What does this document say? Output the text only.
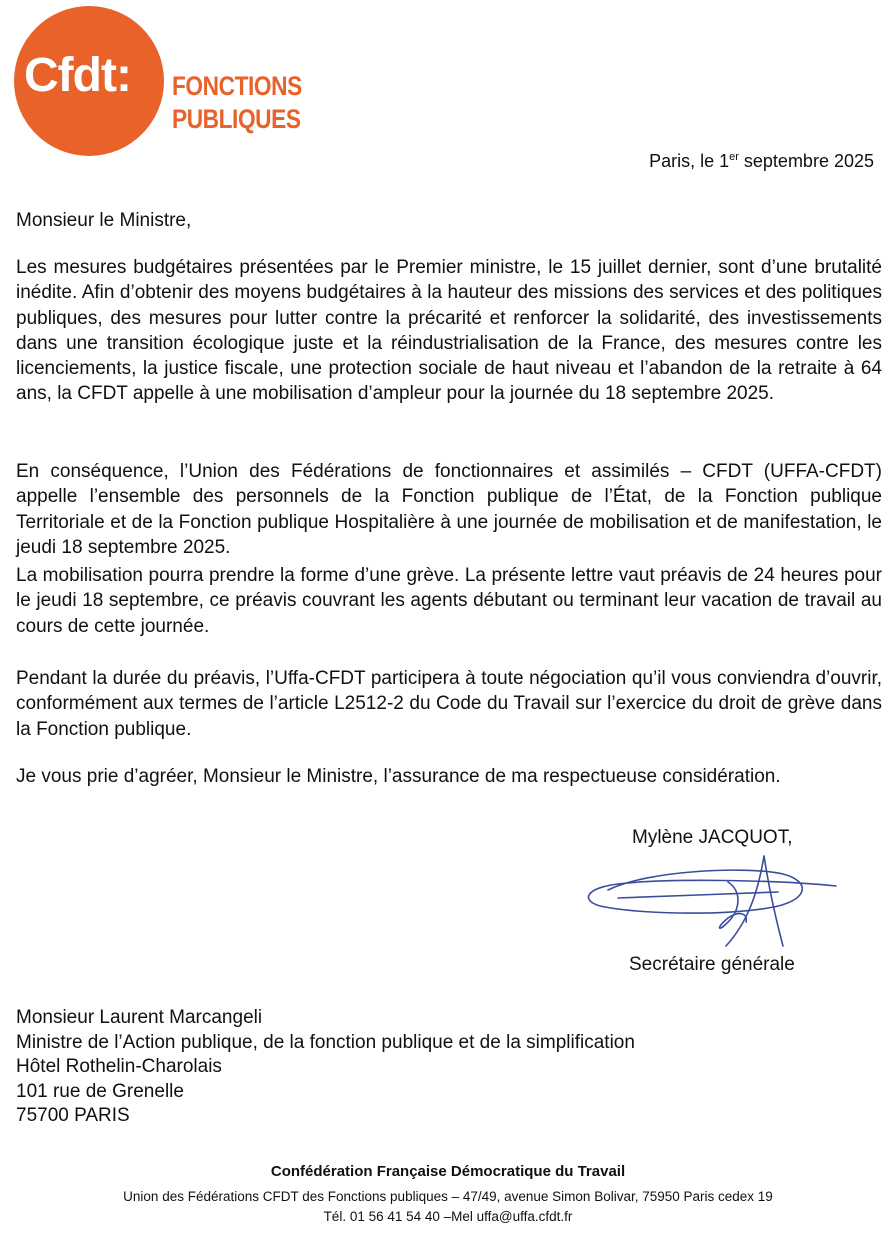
Cfdt: FONCTIONS
PUBLIQUES
Paris, le 1er septembre 2025
Monsieur le Ministre,
Les mesures budgétaires présentées par le Premier ministre, le 15 juillet dernier, sont d’une brutalité inédite. Afin d’obtenir des moyens budgétaires à la hauteur des missions des services et des politiques publiques, des mesures pour lutter contre la précarité et renforcer la solidarité, des investissements dans une transition écologique juste et la réindustrialisation de la France, des mesures contre les licenciements, la justice fiscale, une protection sociale de haut niveau et l’abandon de la retraite à 64 ans, la CFDT appelle à une mobilisation d’ampleur pour la journée du 18 septembre 2025.
En conséquence, l’Union des Fédérations de fonctionnaires et assimilés – CFDT (UFFA-CFDT) appelle l’ensemble des personnels de la Fonction publique de l’État, de la Fonction publique Territoriale et de la Fonction publique Hospitalière à une journée de mobilisation et de manifestation, le jeudi 18 septembre 2025.
La mobilisation pourra prendre la forme d’une grève. La présente lettre vaut préavis de 24 heures pour le jeudi 18 septembre, ce préavis couvrant les agents débutant ou terminant leur vacation de travail au cours de cette journée.
Pendant la durée du préavis, l’Uffa-CFDT participera à toute négociation qu’il vous conviendra d’ouvrir, conformément aux termes de l’article L2512-2 du Code du Travail sur l’exercice du droit de grève dans la Fonction publique.
Je vous prie d’agréer, Monsieur le Ministre, l’assurance de ma respectueuse considération.
Mylène JACQUOT,
Secrétaire générale
Monsieur Laurent Marcangeli
Ministre de l’Action publique, de la fonction publique et de la simplification
Hôtel Rothelin-Charolais
101 rue de Grenelle
75700 PARIS
Confédération Française Démocratique du Travail
Union des Fédérations CFDT des Fonctions publiques – 47/49, avenue Simon Bolivar, 75950 Paris cedex 19
Tél. 01 56 41 54 40 –Mel uffa@uffa.cfdt.fr
